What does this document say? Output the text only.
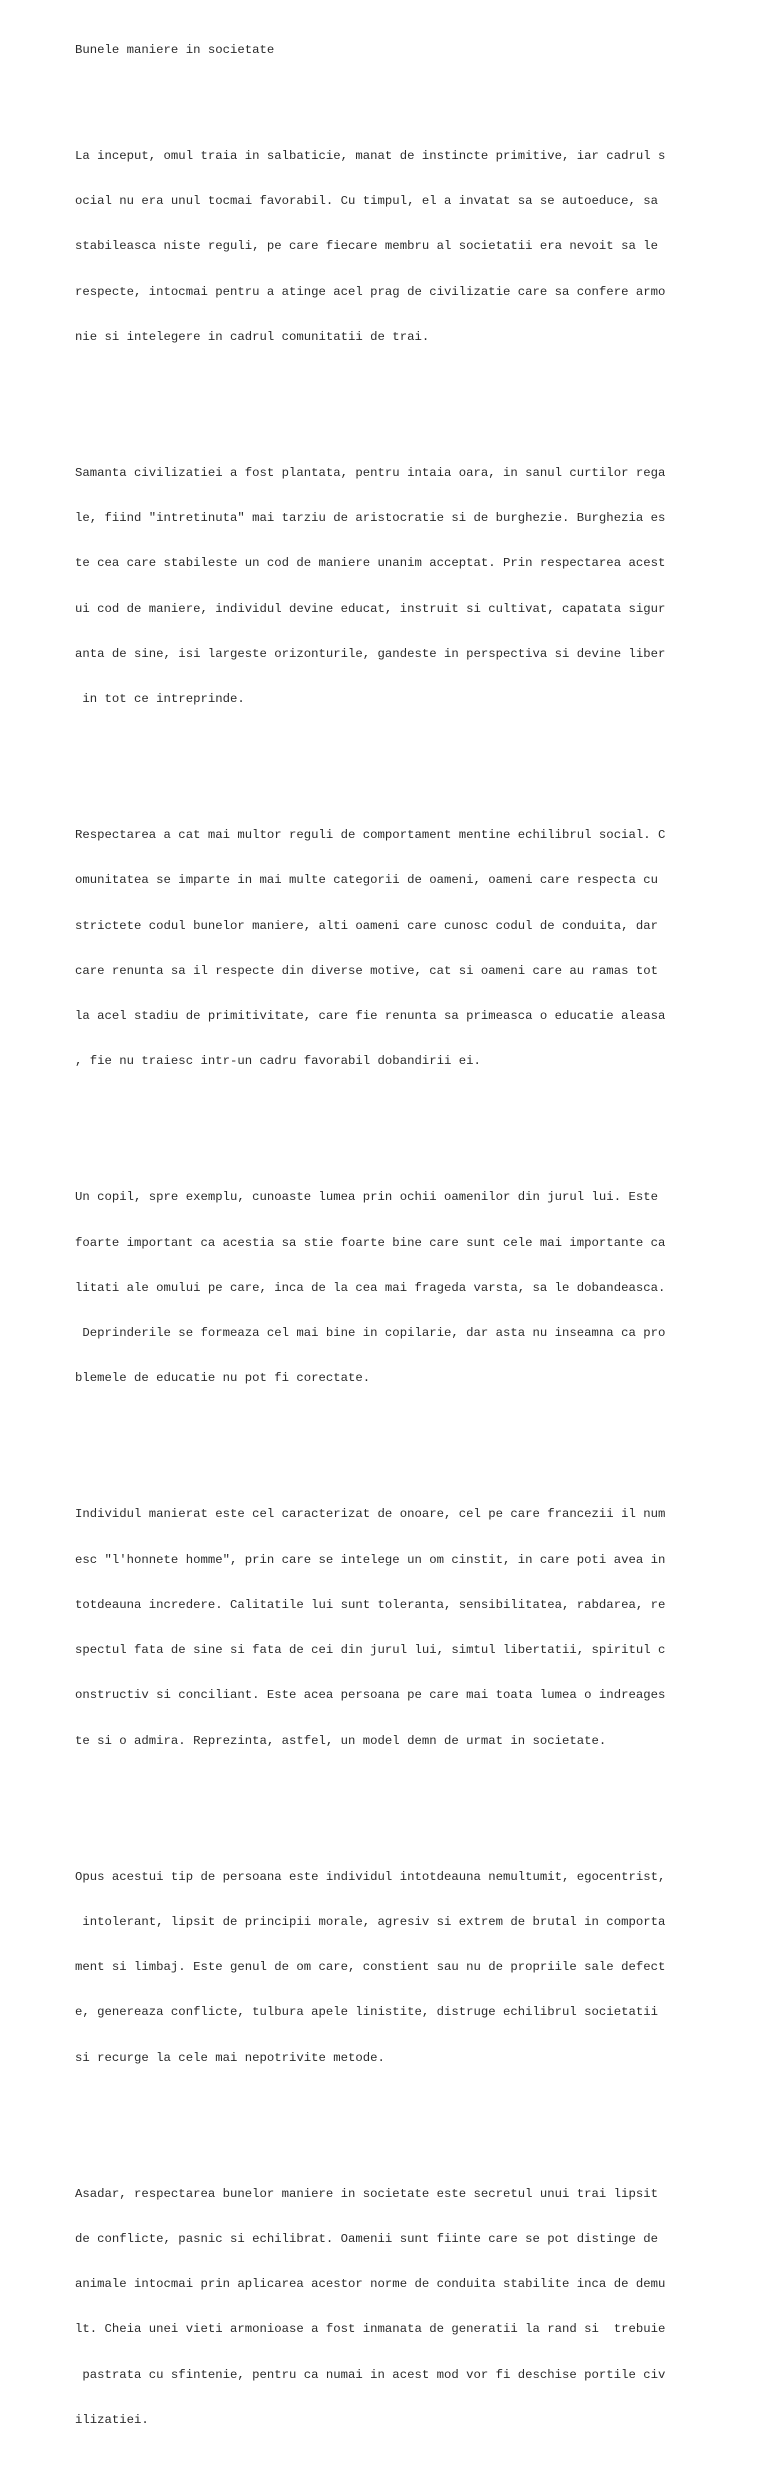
Bunele maniere in societate

La inceput, omul traia in salbaticie, manat de instincte primitive, iar cadrul s

ocial nu era unul tocmai favorabil. Cu timpul, el a invatat sa se autoeduce, sa

stabileasca niste reguli, pe care fiecare membru al societatii era nevoit sa le

respecte, intocmai pentru a atinge acel prag de civilizatie care sa confere armo

nie si intelegere in cadrul comunitatii de trai.

Samanta civilizatiei a fost plantata, pentru intaia oara, in sanul curtilor rega

le, fiind "intretinuta" mai tarziu de aristocratie si de burghezie. Burghezia es

te cea care stabileste un cod de maniere unanim acceptat. Prin respectarea acest

ui cod de maniere, individul devine educat, instruit si cultivat, capatata sigur

anta de sine, isi largeste orizonturile, gandeste in perspectiva si devine liber

in tot ce intreprinde.

Respectarea a cat mai multor reguli de comportament mentine echilibrul social. C

omunitatea se imparte in mai multe categorii de oameni, oameni care respecta cu

strictete codul bunelor maniere, alti oameni care cunosc codul de conduita, dar

care renunta sa il respecte din diverse motive, cat si oameni care au ramas tot

la acel stadiu de primitivitate, care fie renunta sa primeasca o educatie aleasa

, fie nu traiesc intr-un cadru favorabil dobandirii ei.

Un copil, spre exemplu, cunoaste lumea prin ochii oamenilor din jurul lui. Este

foarte important ca acestia sa stie foarte bine care sunt cele mai importante ca

litati ale omului pe care, inca de la cea mai frageda varsta, sa le dobandeasca.

Deprinderile se formeaza cel mai bine in copilarie, dar asta nu inseamna ca pro

blemele de educatie nu pot fi corectate.

Individul manierat este cel caracterizat de onoare, cel pe care francezii il num

esc "l'honnete homme", prin care se intelege un om cinstit, in care poti avea in

totdeauna incredere. Calitatile lui sunt toleranta, sensibilitatea, rabdarea, re

spectul fata de sine si fata de cei din jurul lui, simtul libertatii, spiritul c

onstructiv si conciliant. Este acea persoana pe care mai toata lumea o indreages

te si o admira. Reprezinta, astfel, un model demn de urmat in societate.

Opus acestui tip de persoana este individul intotdeauna nemultumit, egocentrist,

intolerant, lipsit de principii morale, agresiv si extrem de brutal in comporta

ment si limbaj. Este genul de om care, constient sau nu de propriile sale defect

e, genereaza conflicte, tulbura apele linistite, distruge echilibrul societatii

si recurge la cele mai nepotrivite metode.

Asadar, respectarea bunelor maniere in societate este secretul unui trai lipsit

de conflicte, pasnic si echilibrat. Oamenii sunt fiinte care se pot distinge de

animale intocmai prin aplicarea acestor norme de conduita stabilite inca de demu

lt. Cheia unei vieti armonioase a fost inmanata de generatii la rand si  trebuie

pastrata cu sfintenie, pentru ca numai in acest mod vor fi deschise portile civ

ilizatiei.
